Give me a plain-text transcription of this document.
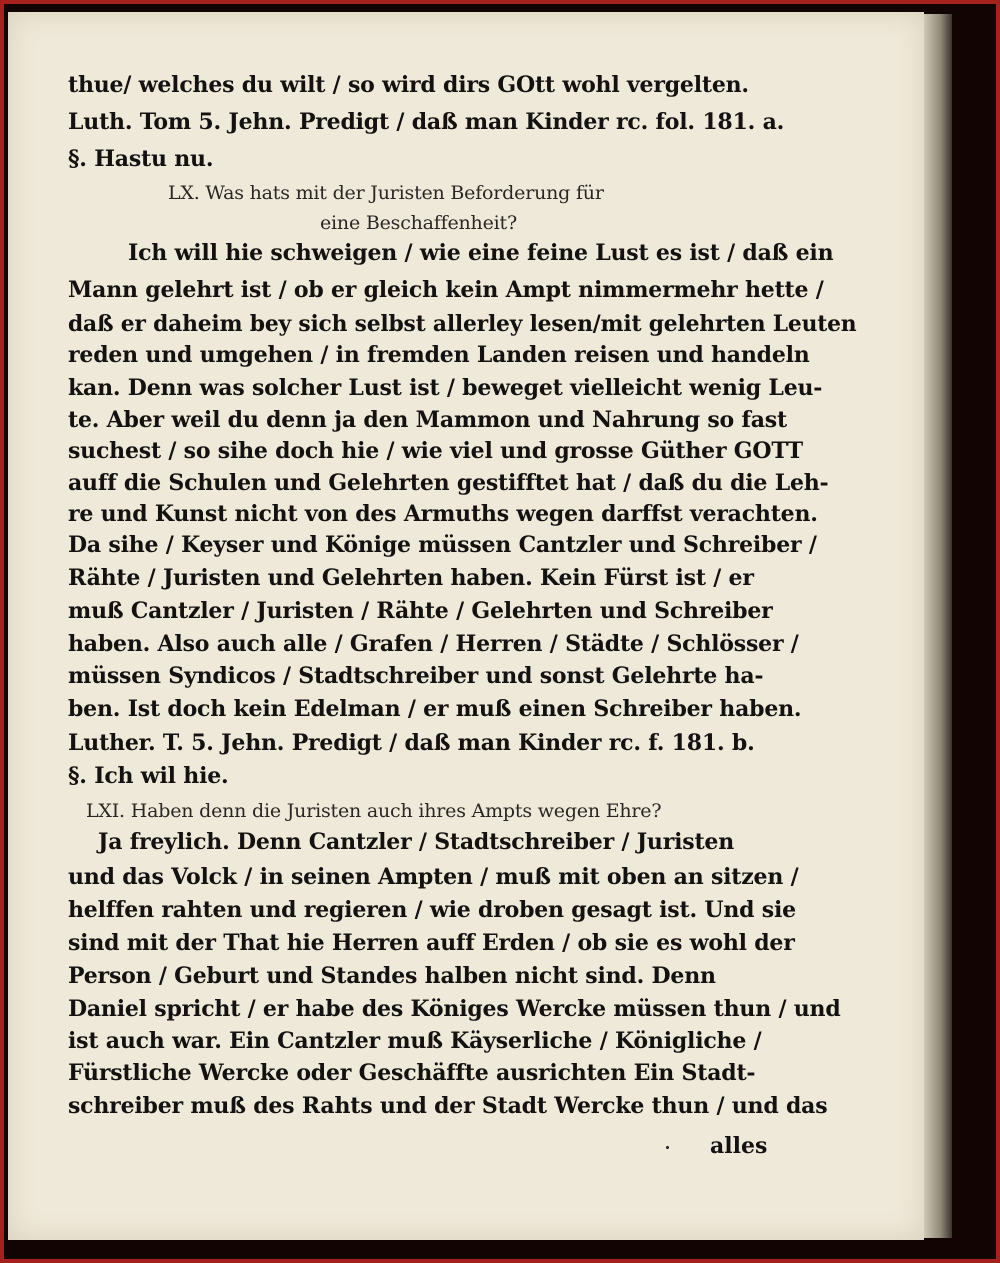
thue/ welches du wilt / so wird dirs GOtt wohl vergelten.
Luth. Tom 5. Jehn. Predigt / daß man Kinder rc. fol. 181. a.
§. Hastu nu.
LX. Was hats mit der Juristen Beforderung für
eine Beschaffenheit?
Ich will hie schweigen / wie eine feine Lust es ist / daß ein
Mann gelehrt ist / ob er gleich kein Ampt nimmermehr hette /
daß er daheim bey sich selbst allerley lesen/mit gelehrten Leuten
reden und umgehen / in fremden Landen reisen und handeln
kan. Denn was solcher Lust ist / beweget vielleicht wenig Leu-
te. Aber weil du denn ja den Mammon und Nahrung so fast
suchest / so sihe doch hie / wie viel und grosse Güther GOTT
auff die Schulen und Gelehrten gestifftet hat / daß du die Leh-
re und Kunst nicht von des Armuths wegen darffst verachten.
Da sihe / Keyser und Könige müssen Cantzler und Schreiber /
Rähte / Juristen und Gelehrten haben. Kein Fürst ist / er
muß Cantzler / Juristen / Rähte / Gelehrten und Schreiber
haben. Also auch alle / Grafen / Herren / Städte / Schlösser /
müssen Syndicos / Stadtschreiber und sonst Gelehrte ha-
ben. Ist doch kein Edelman / er muß einen Schreiber haben.
Luther. T. 5. Jehn. Predigt / daß man Kinder rc. f. 181. b.
§. Ich wil hie.
LXI. Haben denn die Juristen auch ihres Ampts wegen Ehre?
Ja freylich. Denn Cantzler / Stadtschreiber / Juristen
und das Volck / in seinen Ampten / muß mit oben an sitzen /
helffen rahten und regieren / wie droben gesagt ist. Und sie
sind mit der That hie Herren auff Erden / ob sie es wohl der
Person / Geburt und Standes halben nicht sind. Denn
Daniel spricht / er habe des Königes Wercke müssen thun / und
ist auch war. Ein Cantzler muß Käyserliche / Königliche /
Fürstliche Wercke oder Geschäffte ausrichten Ein Stadt-
schreiber muß des Rahts und der Stadt Wercke thun / und das
alles
